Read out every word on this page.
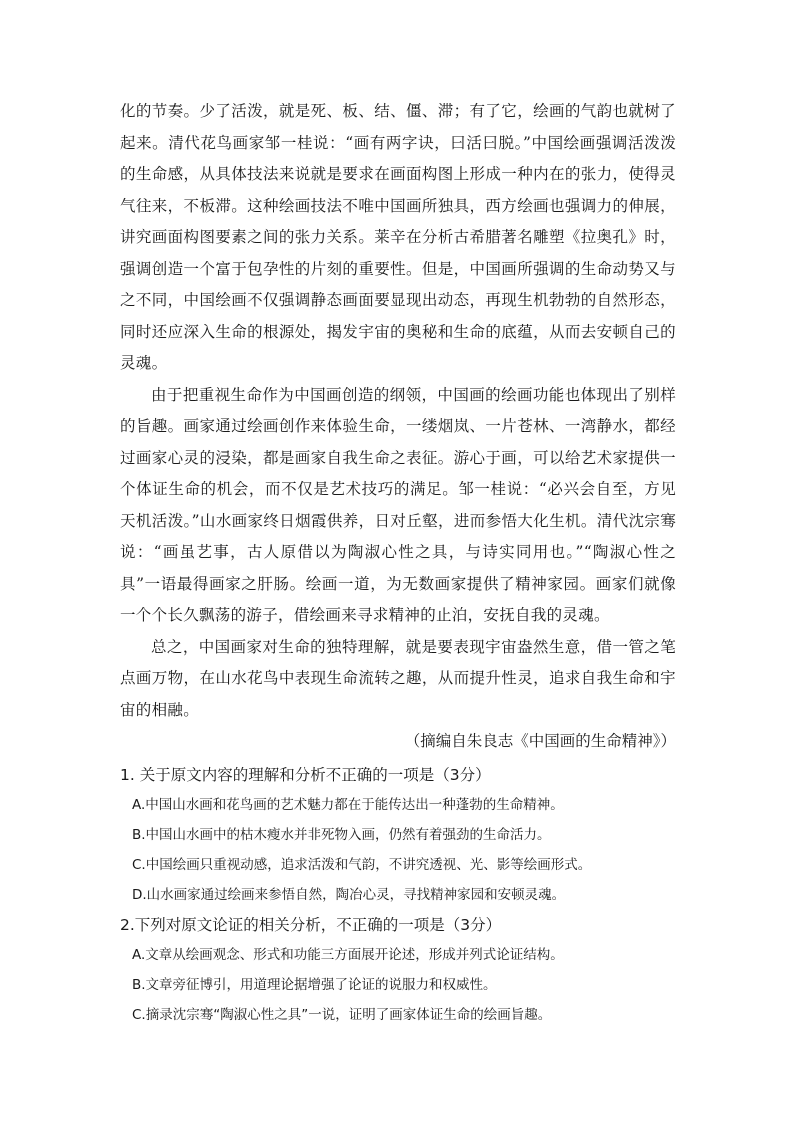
化的节奏。少了活泼，就是死、板、结、僵、滞；有了它，绘画的气韵也就树了起来。清代花鸟画家邹一桂说：“画有两字诀，曰活曰脱。”中国绘画强调活泼泼的生命感，从具体技法来说就是要求在画面构图上形成一种内在的张力，使得灵气往来，不板滞。这种绘画技法不唯中国画所独具，西方绘画也强调力的伸展，讲究画面构图要素之间的张力关系。莱辛在分析古希腊著名雕塑《拉奥孔》时，强调创造一个富于包孕性的片刻的重要性。但是，中国画所强调的生命动势又与之不同，中国绘画不仅强调静态画面要显现出动态，再现生机勃勃的自然形态，同时还应深入生命的根源处，揭发宇宙的奥秘和生命的底蕴，从而去安顿自己的灵魂。

由于把重视生命作为中国画创造的纲领，中国画的绘画功能也体现出了别样的旨趣。画家通过绘画创作来体验生命，一缕烟岚、一片苍林、一湾静水，都经过画家心灵的浸染，都是画家自我生命之表征。游心于画，可以给艺术家提供一个体证生命的机会，而不仅是艺术技巧的满足。邹一桂说：“必兴会自至，方见天机活泼。”山水画家终日烟霞供养，日对丘壑，进而参悟大化生机。清代沈宗骞说：“画虽艺事，古人原借以为陶淑心性之具，与诗实同用也。”“陶淑心性之具”一语最得画家之肝肠。绘画一道，为无数画家提供了精神家园。画家们就像一个个长久飘荡的游子，借绘画来寻求精神的止泊，安抚自我的灵魂。

总之，中国画家对生命的独特理解，就是要表现宇宙盎然生意，借一管之笔点画万物，在山水花鸟中表现生命流转之趣，从而提升性灵，追求自我生命和宇宙的相融。

（摘编自朱良志《中国画的生命精神》）

1. 关于原文内容的理解和分析不正确的一项是（3分）

A.中国山水画和花鸟画的艺术魅力都在于能传达出一种蓬勃的生命精神。
B.中国山水画中的枯木瘦水并非死物入画，仍然有着强劲的生命活力。
C.中国绘画只重视动感，追求活泼和气韵，不讲究透视、光、影等绘画形式。
D.山水画家通过绘画来参悟自然，陶冶心灵，寻找精神家园和安顿灵魂。

2.下列对原文论证的相关分析，不正确的一项是（3分）

A.文章从绘画观念、形式和功能三方面展开论述，形成并列式论证结构。
B.文章旁征博引，用道理论据增强了论证的说服力和权威性。
C.摘录沈宗骞“陶淑心性之具”一说，证明了画家体证生命的绘画旨趣。
